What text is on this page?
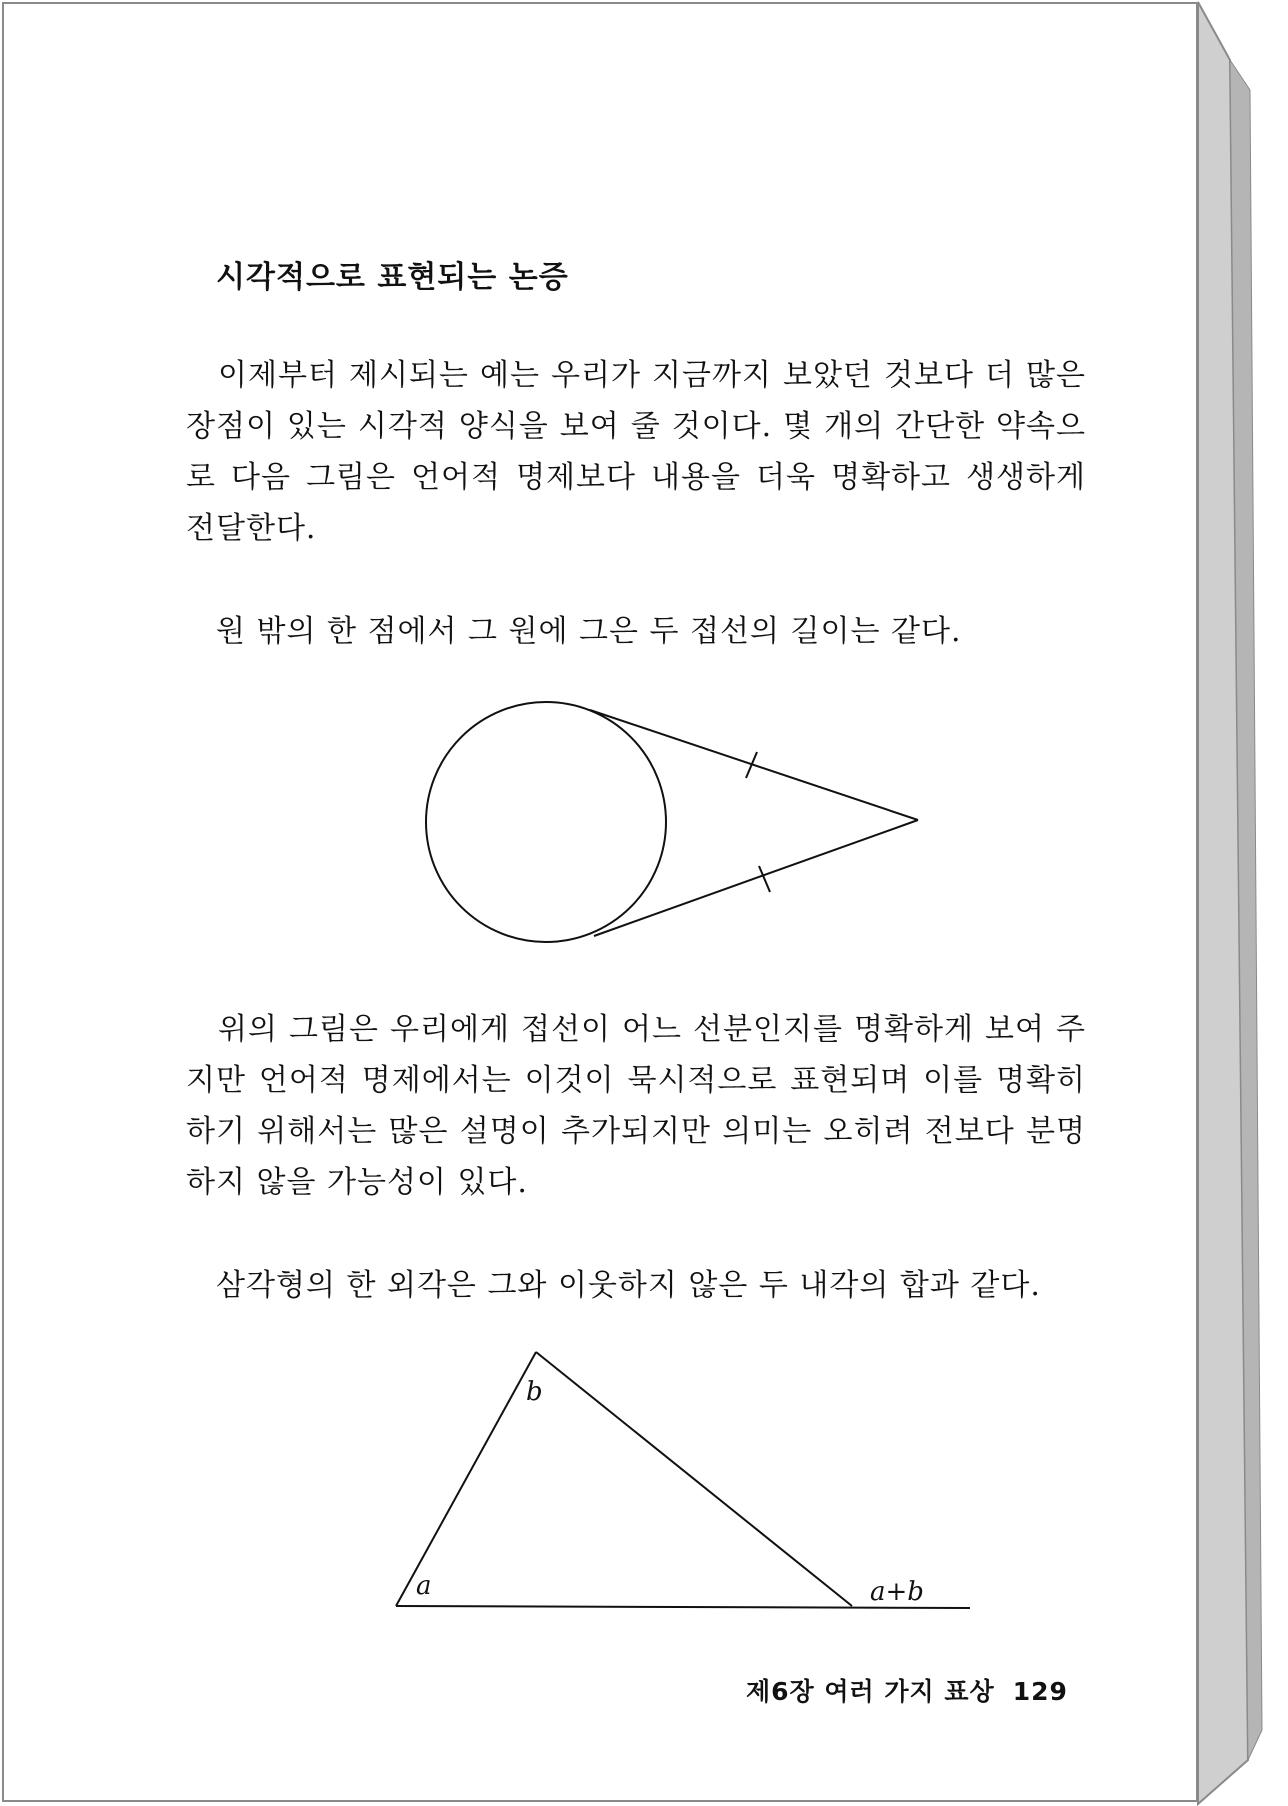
시각적으로 표현되는 논증

이제부터 제시되는 예는 우리가 지금까지 보았던 것보다 더 많은 장점이 있는 시각적 양식을 보여 줄 것이다. 몇 개의 간단한 약속으로 다음 그림은 언어적 명제보다 내용을 더욱 명확하고 생생하게 전달한다.

원 밖의 한 점에서 그 원에 그은 두 접선의 길이는 같다.

위의 그림은 우리에게 접선이 어느 선분인지를 명확하게 보여 주지만 언어적 명제에서는 이것이 묵시적으로 표현되며 이를 명확히 하기 위해서는 많은 설명이 추가되지만 의미는 오히려 전보다 분명하지 않을 가능성이 있다.

삼각형의 한 외각은 그와 이웃하지 않은 두 내각의 합과 같다.

b
a	a+b
제6장 여러 가지 표상 129
